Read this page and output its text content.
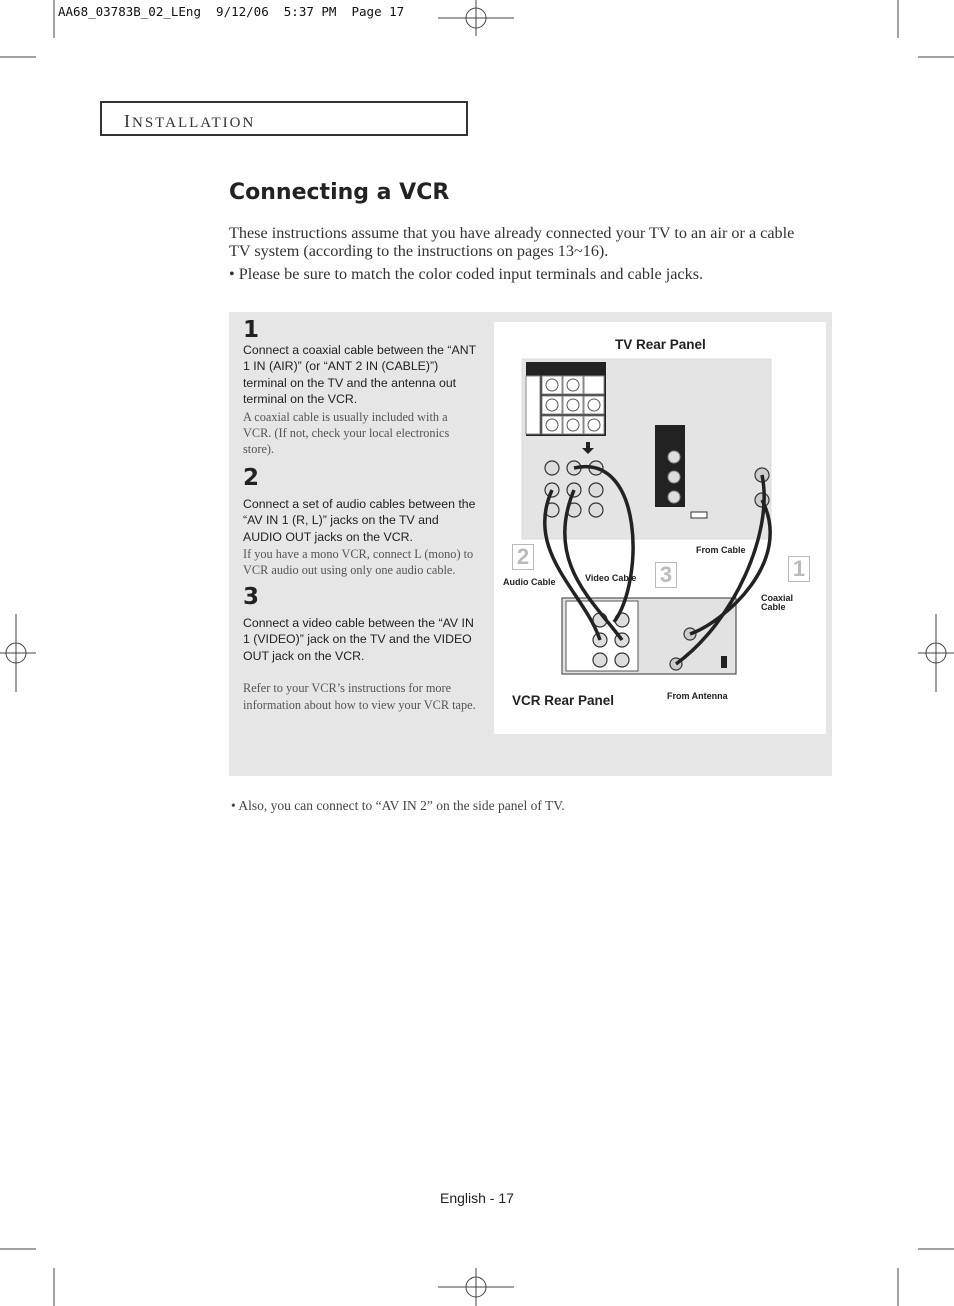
AA68_03783B_02_LEng  9/12/06  5:37 PM  Page 17
INSTALLATION
Connecting a VCR
These instructions assume that you have already connected your TV to an air or a cable TV system (according to the instructions on pages 13~16).
• Please be sure to match the color coded input terminals and cable jacks.
1
Connect a coaxial cable between the “ANT 1 IN (AIR)” (or “ANT 2 IN (CABLE)”) terminal on the TV and the antenna out terminal on the VCR.
A coaxial cable is usually included with a VCR. (If not, check your local electronics store).
2
Connect a set of audio cables between the “AV IN 1 (R, L)” jacks on the TV and AUDIO OUT jacks on the VCR.
If you have a mono VCR, connect L (mono) to VCR audio out using only one audio cable.
3
Connect a video cable between the “AV IN 1 (VIDEO)” jack on the TV and the VIDEO OUT jack on the VCR.
Refer to your VCR’s instructions for more information about how to view your VCR tape.
TV Rear Panel
VCR Rear Panel
Audio Cable	Video Cable
From Cable
Coaxial Cable
From Antenna
1
2
3
• Also, you can connect to “AV IN 2” on the side panel of TV.
English - 17
